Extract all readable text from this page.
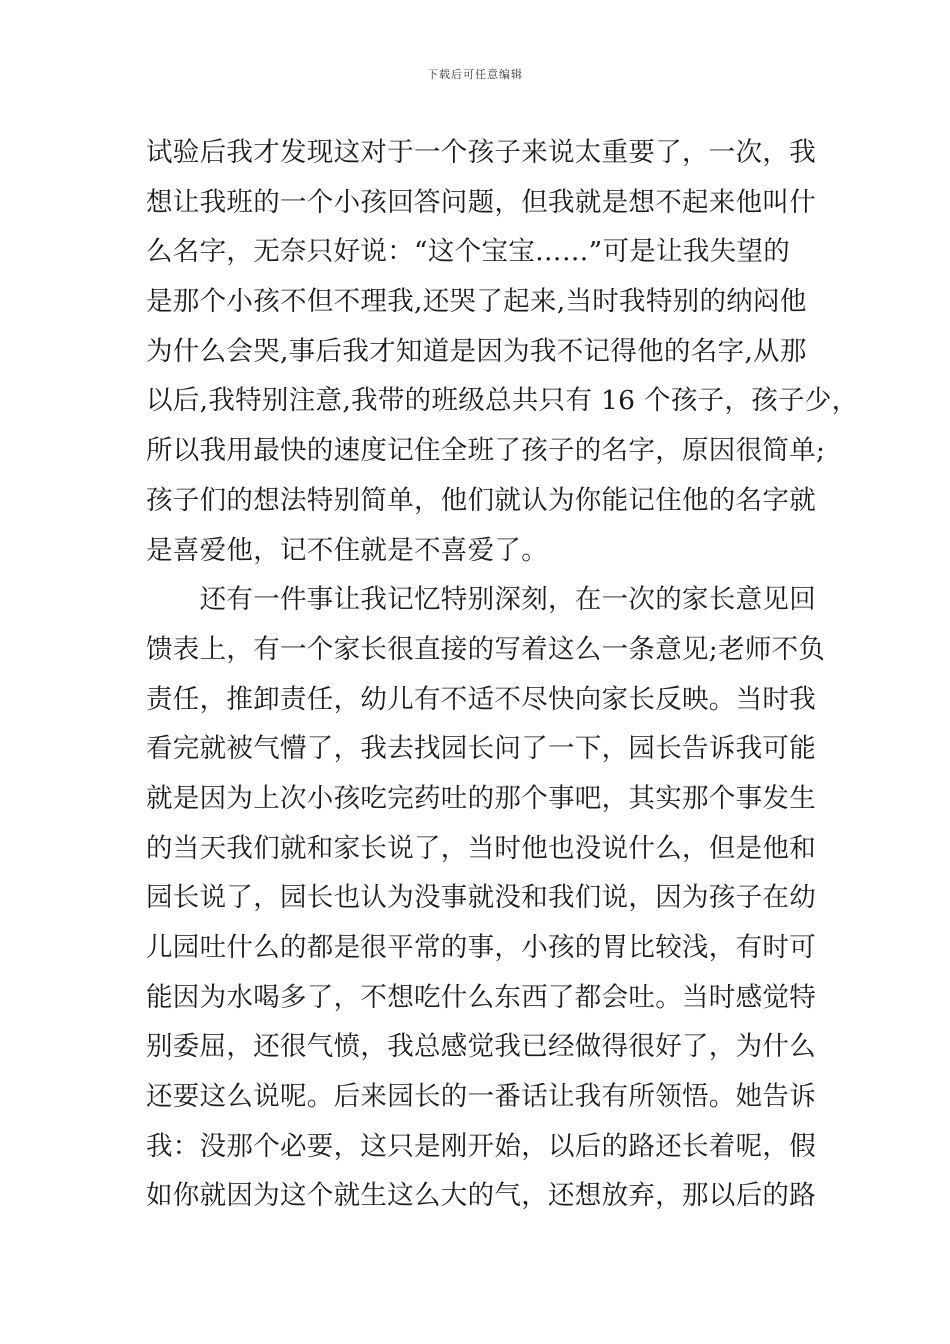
下载后可任意编辑
试验后我才发现这对于一个孩子来说太重要了，一次，我
想让我班的一个小孩回答问题，但我就是想不起来他叫什
么名字，无奈只好说：“这个宝宝……”可是让我失望的
是那个小孩不但不理我,还哭了起来,当时我特别的纳闷他
为什么会哭,事后我才知道是因为我不记得他的名字,从那
以后,我特别注意,我带的班级总共只有 16 个孩子，孩子少，
所以我用最快的速度记住全班了孩子的名字，原因很简单;
孩子们的想法特别简单，他们就认为你能记住他的名字就
是喜爱他，记不住就是不喜爱了。
　　还有一件事让我记忆特别深刻，在一次的家长意见回
馈表上，有一个家长很直接的写着这么一条意见;老师不负
责任，推卸责任，幼儿有不适不尽快向家长反映。当时我
看完就被气懵了，我去找园长问了一下，园长告诉我可能
就是因为上次小孩吃完药吐的那个事吧，其实那个事发生
的当天我们就和家长说了，当时他也没说什么，但是他和
园长说了，园长也认为没事就没和我们说，因为孩子在幼
儿园吐什么的都是很平常的事，小孩的胃比较浅，有时可
能因为水喝多了，不想吃什么东西了都会吐。当时感觉特
别委屈，还很气愤，我总感觉我已经做得很好了，为什么
还要这么说呢。后来园长的一番话让我有所领悟。她告诉
我：没那个必要，这只是刚开始，以后的路还长着呢，假
如你就因为这个就生这么大的气，还想放弃，那以后的路
